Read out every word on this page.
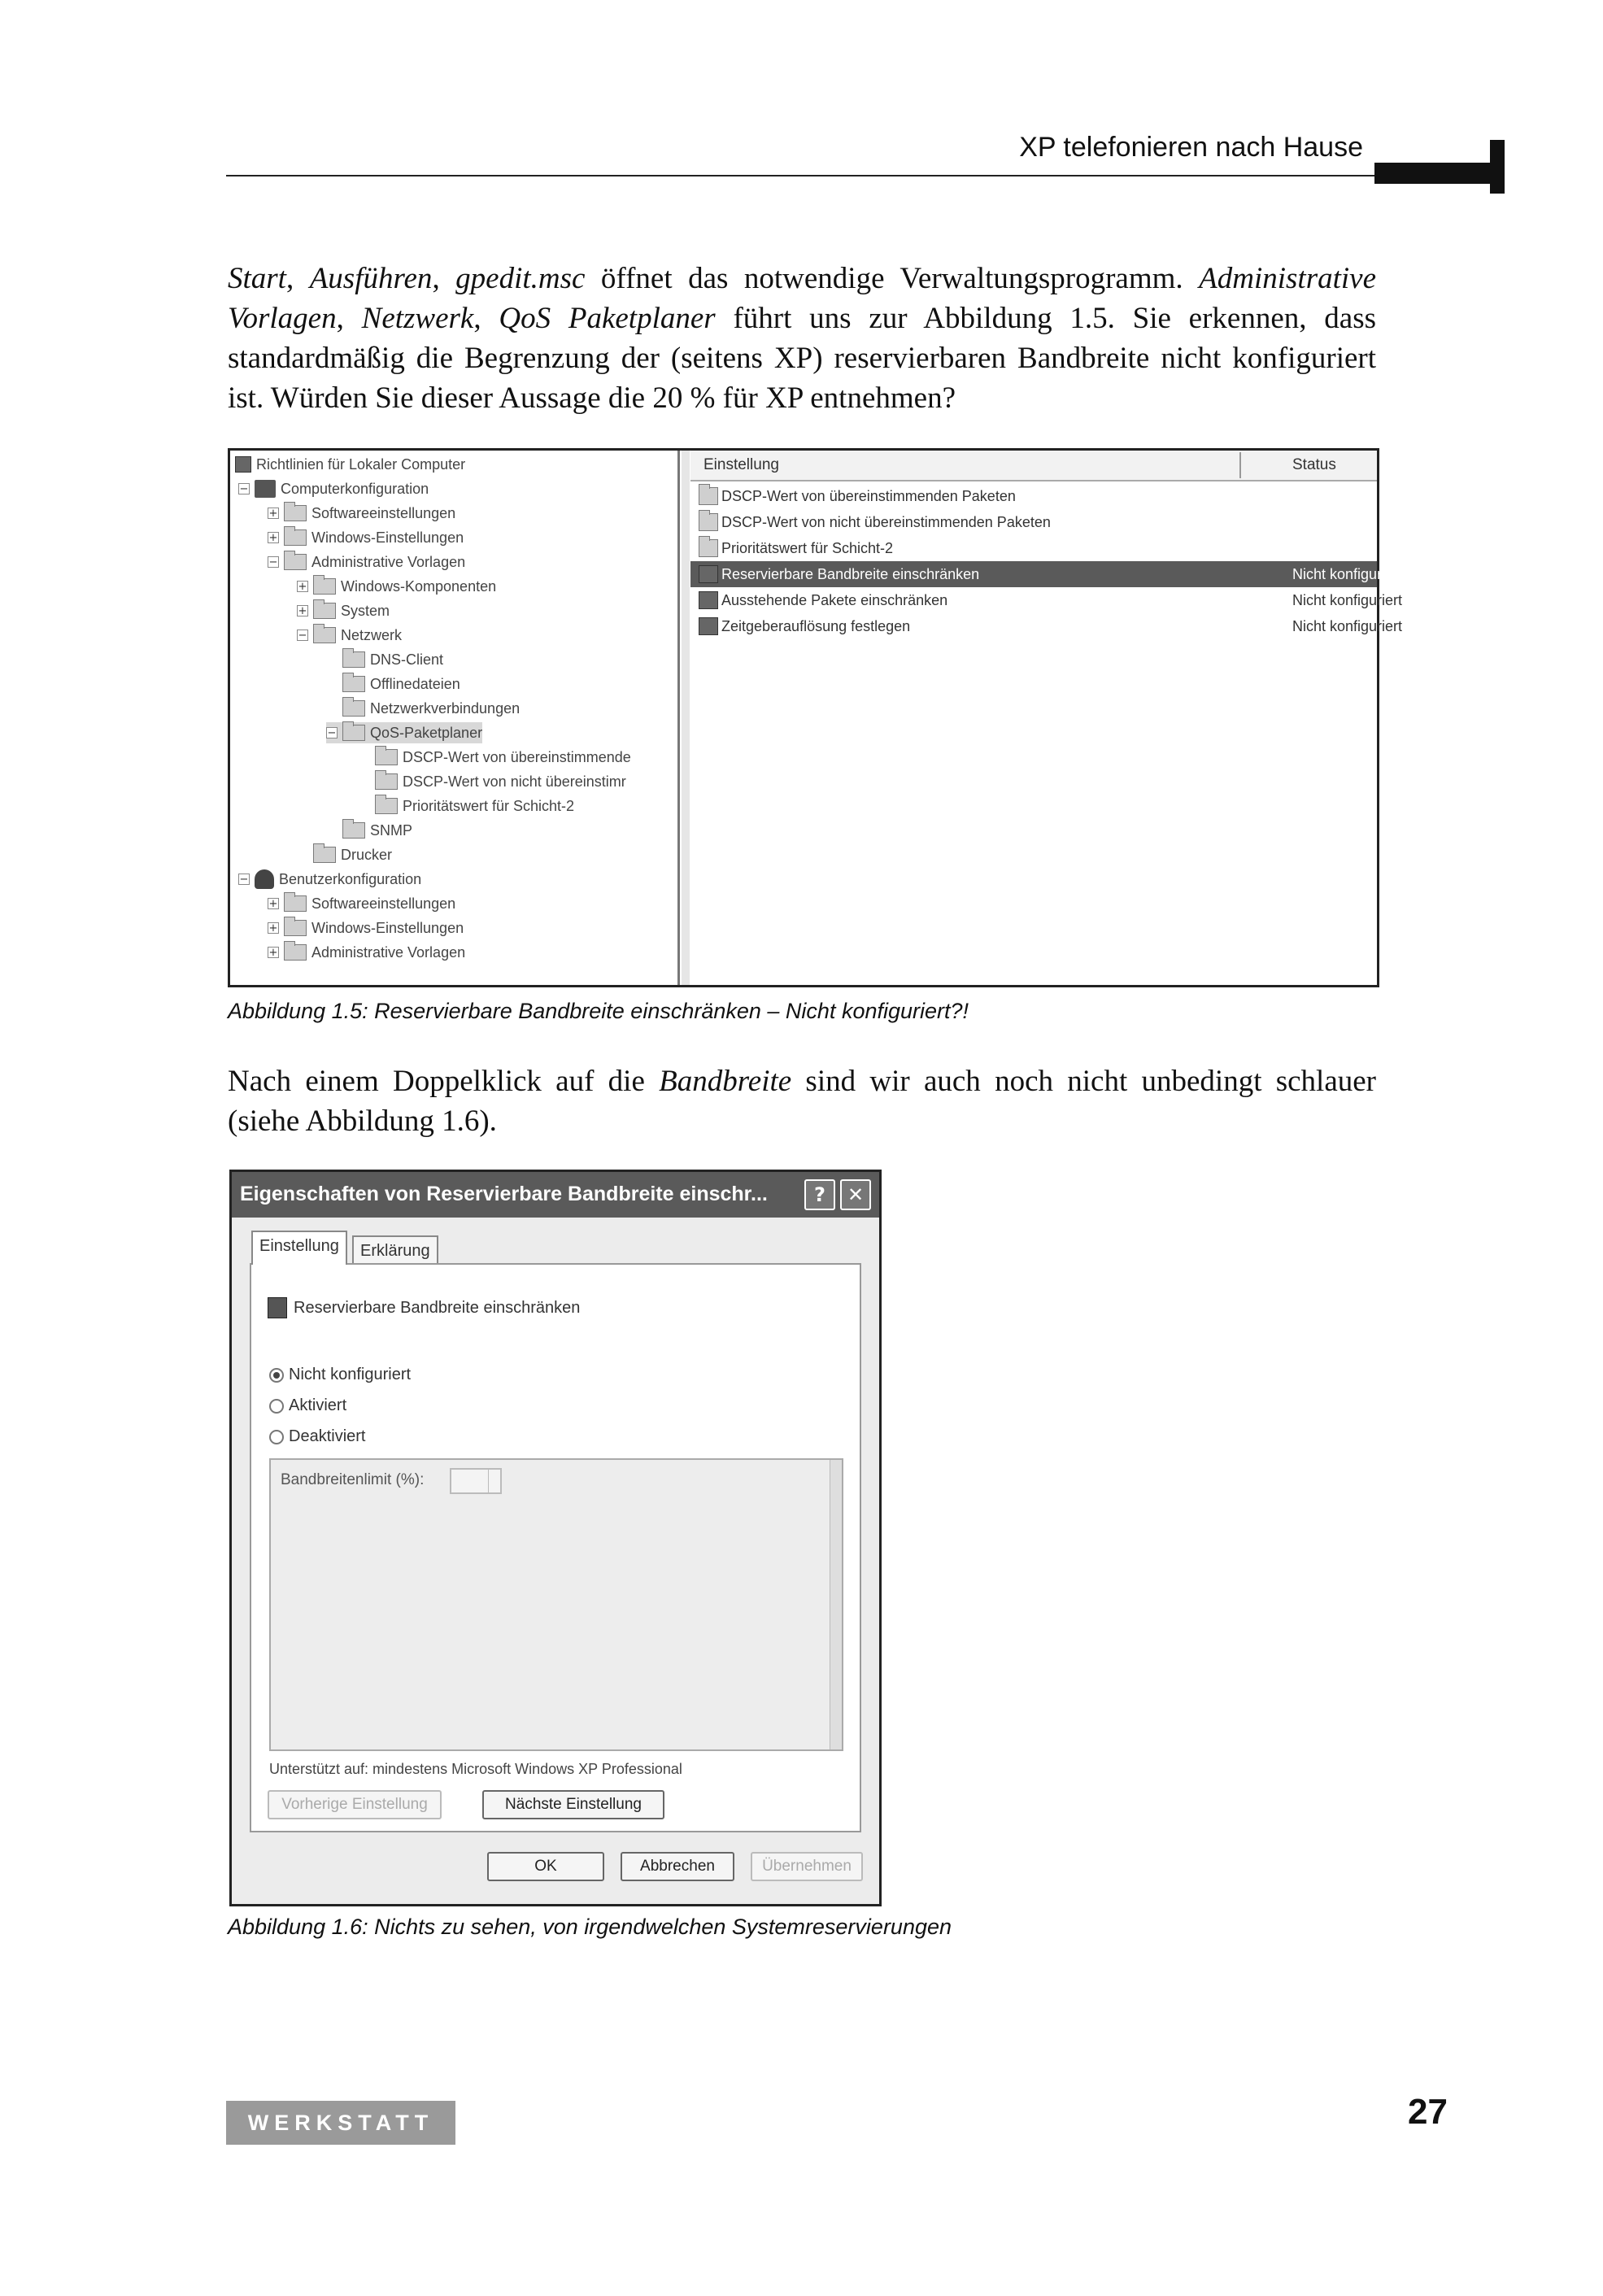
XP telefonieren nach Hause
Start, Ausführen, gpedit.msc öffnet das notwendige Verwaltungsprogramm. Administrative Vorlagen, Netzwerk, QoS Paketplaner führt uns zur Abbildung 1.5. Sie erkennen, dass standardmäßig die Begrenzung der (seitens XP) reservierbaren Bandbreite nicht konfiguriert ist. Würden Sie dieser Aussage die 20 % für XP entnehmen?
Richtlinien für Lokaler Computer
− Computerkonfiguration
+ Softwareeinstellungen
+ Windows-Einstellungen
− Administrative Vorlagen
+ Windows-Komponenten
+ System
− Netzwerk
DNS-Client
Offlinedateien
Netzwerkverbindungen
− QoS-Paketplaner
DSCP-Wert von übereinstimmende
DSCP-Wert von nicht übereinstimr
Prioritätswert für Schicht-2
SNMP
Drucker
− Benutzerkonfiguration
+ Softwareeinstellungen
+ Windows-Einstellungen
+ Administrative Vorlagen
Einstellung	Status
DSCP-Wert von übereinstimmenden Paketen
DSCP-Wert von nicht übereinstimmenden Paketen
Prioritätswert für Schicht-2
Reservierbare Bandbreite einschränken	Nicht konfiguriert
Ausstehende Pakete einschränken	Nicht konfiguriert
Zeitgeberauflösung festlegen	Nicht konfiguriert
Abbildung 1.5: Reservierbare Bandbreite einschränken – Nicht konfiguriert?!
Nach einem Doppelklick auf die Bandbreite sind wir auch noch nicht unbedingt schlauer (siehe Abbildung 1.6).
Eigenschaften von Reservierbare Bandbreite einschr...	?	✕
Einstellung	Erklärung
Reservierbare Bandbreite einschränken
Nicht konfiguriert
Aktiviert
Deaktiviert
Bandbreitenlimit (%):
Unterstützt auf: mindestens Microsoft Windows XP Professional
Vorherige Einstellung	Nächste Einstellung
OK	Abbrechen	Übernehmen
Abbildung 1.6: Nichts zu sehen, von irgendwelchen Systemreservierungen
WERKSTATT	27
